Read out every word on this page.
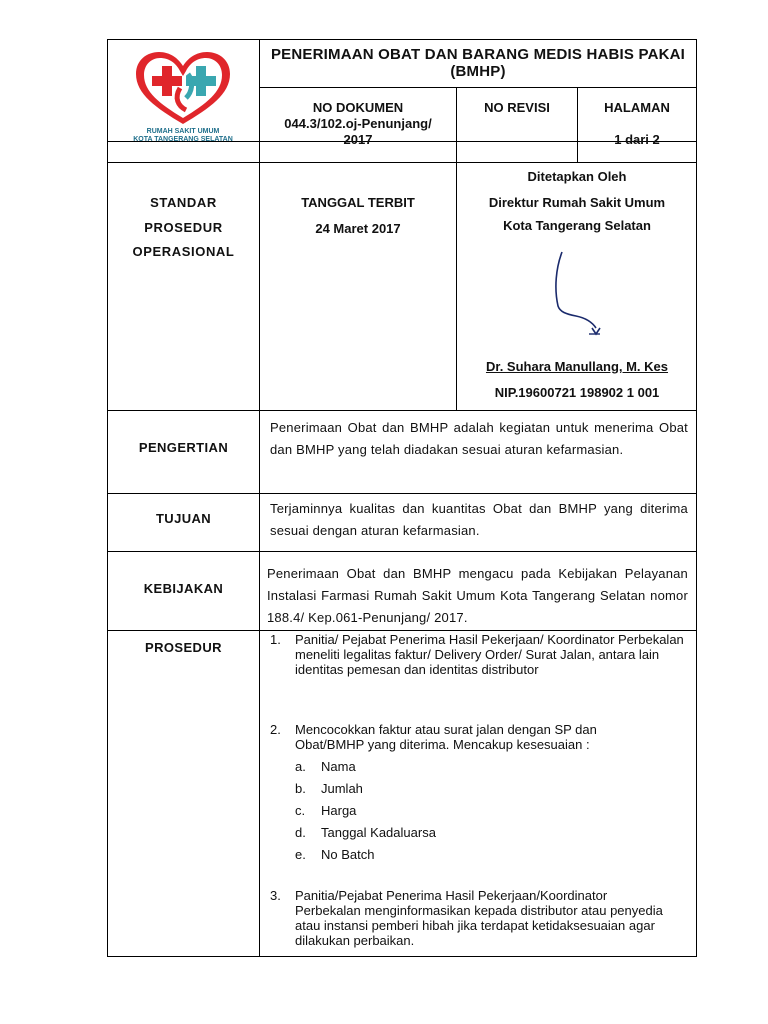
RUMAH SAKIT UMUM
KOTA TANGERANG SELATAN
PENERIMAAN OBAT DAN BARANG MEDIS HABIS PAKAI (BMHP)
NO DOKUMEN
044.3/102.oj-Penunjang/ 2017
NO REVISI	HALAMAN
1 dari 2
STANDAR
PROSEDUR
OPERASIONAL
TANGGAL TERBIT
24 Maret 2017
Ditetapkan Oleh
Direktur Rumah Sakit Umum
Kota Tangerang Selatan
Dr. Suhara Manullang, M. Kes
NIP.19600721 198902 1 001
PENGERTIAN
Penerimaan Obat dan BMHP adalah kegiatan untuk menerima Obat dan BMHP yang telah diadakan sesuai aturan kefarmasian.
TUJUAN
Terjaminnya kualitas dan kuantitas Obat dan BMHP yang diterima sesuai dengan aturan kefarmasian.
KEBIJAKAN
Penerimaan Obat dan BMHP mengacu pada Kebijakan Pelayanan Instalasi Farmasi Rumah Sakit Umum Kota Tangerang Selatan nomor 188.4/ Kep.061-Penunjang/ 2017.
PROSEDUR
1. Panitia/ Pejabat Penerima Hasil Pekerjaan/ Koordinator Perbekalan meneliti legalitas faktur/ Delivery Order/ Surat Jalan, antara lain identitas pemesan dan identitas distributor
2. Mencocokkan faktur atau surat jalan dengan SP dan Obat/BMHP yang diterima. Mencakup kesesuaian :
a. Nama
b. Jumlah
c. Harga
d. Tanggal Kadaluarsa
e. No Batch
3. Panitia/Pejabat Penerima Hasil Pekerjaan/Koordinator Perbekalan menginformasikan kepada distributor atau penyedia atau instansi pemberi hibah jika terdapat ketidaksesuaian agar dilakukan perbaikan.
